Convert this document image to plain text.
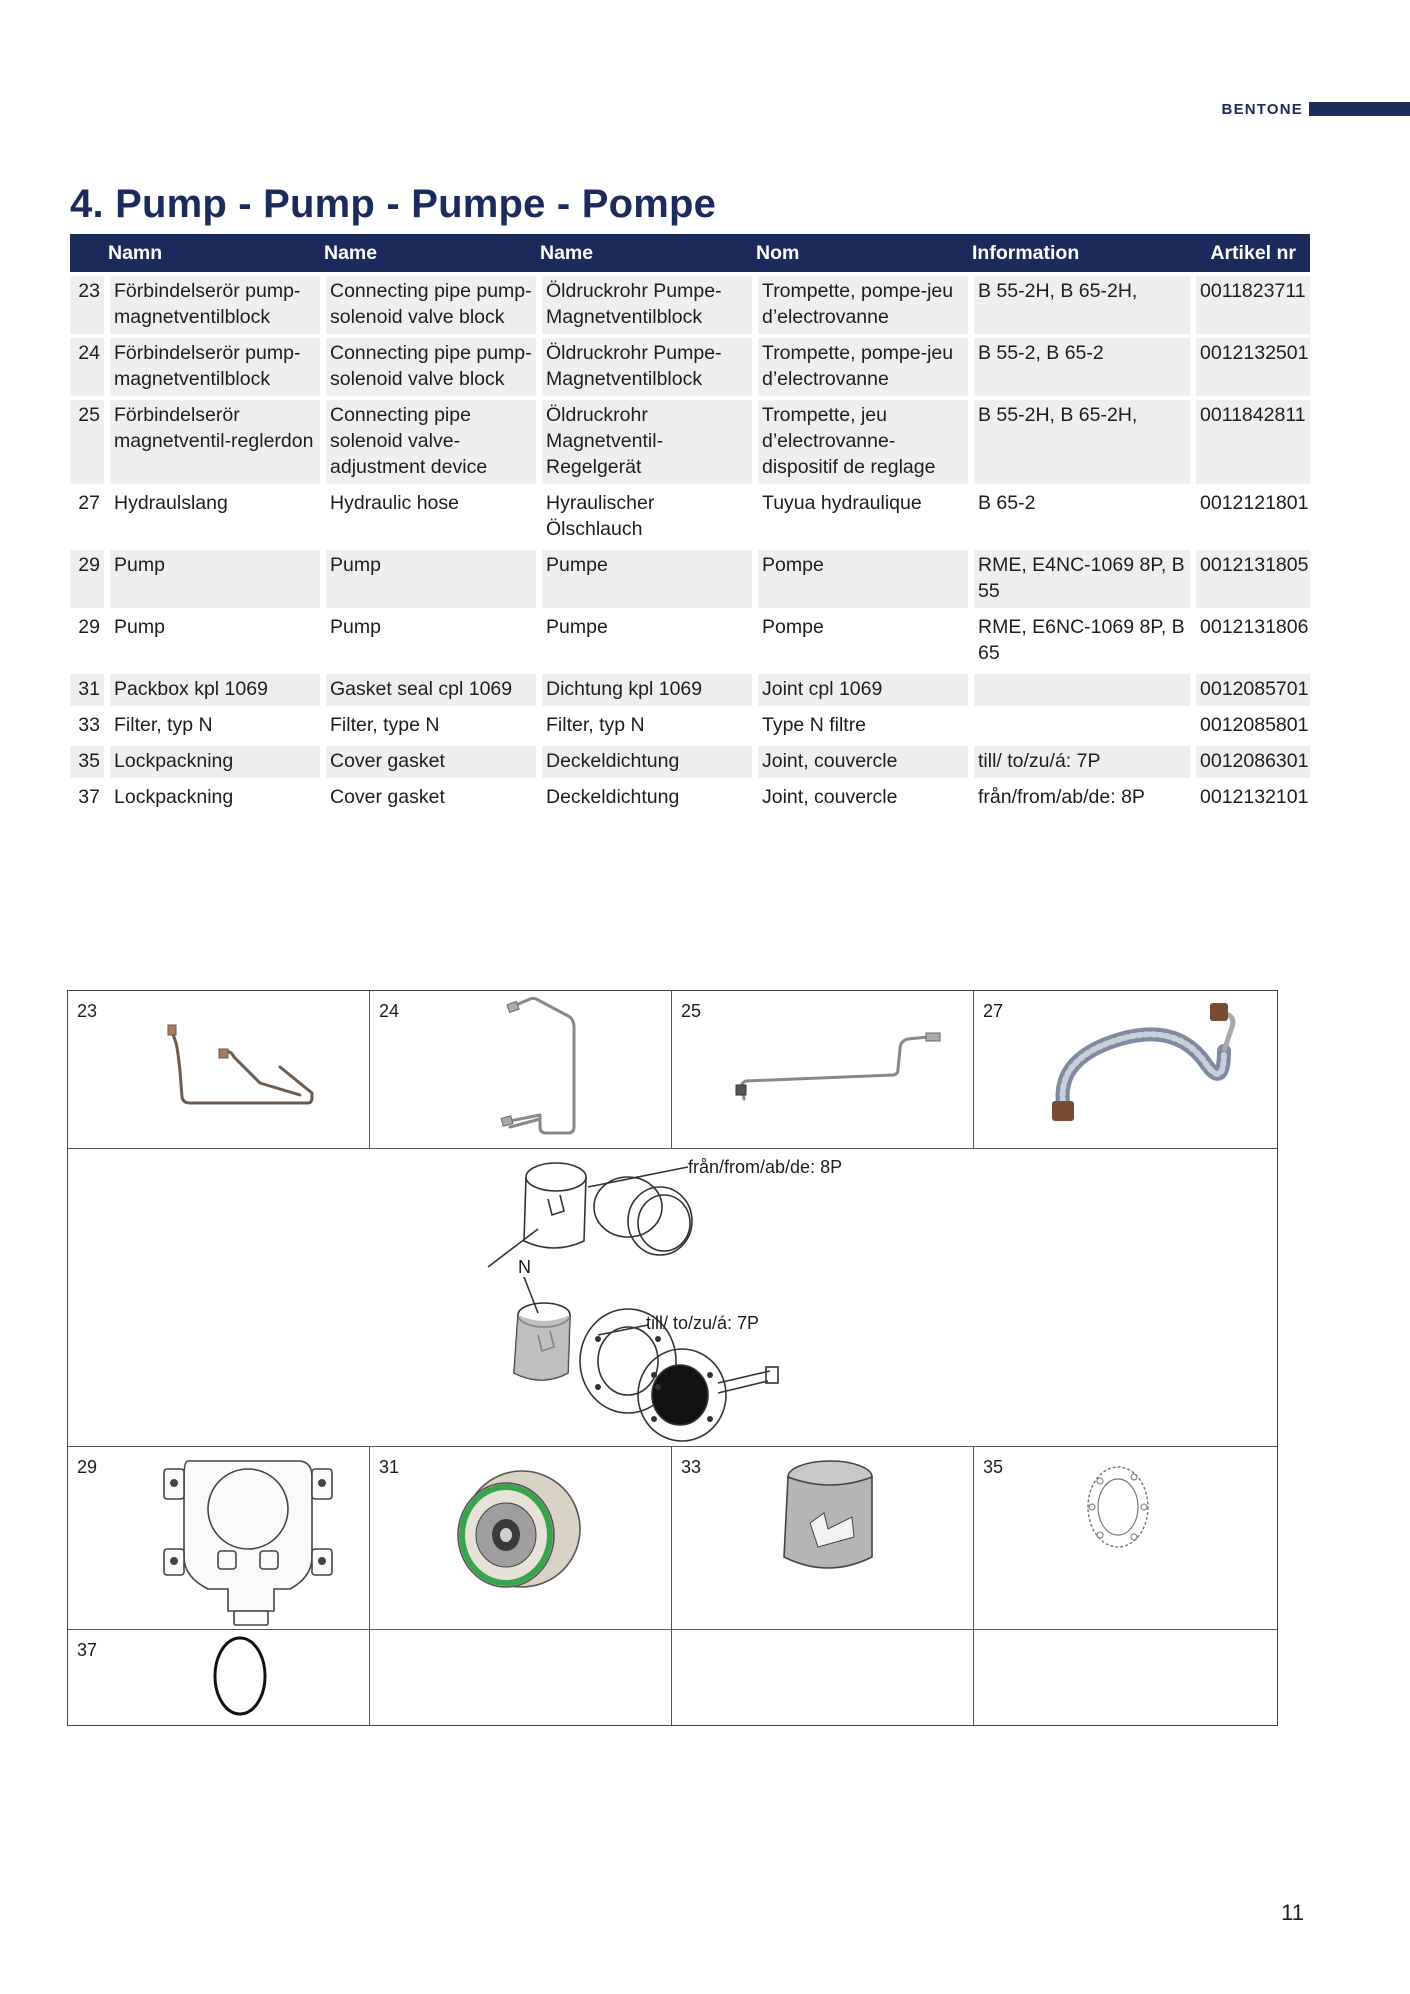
BENTONE
4. Pump - Pump - Pumpe - Pompe
	Namn	Name	Name	Nom	Information	Artikel nr
23	Förbindelserör pump-magnetventilblock	Connecting pipe pump-solenoid valve block	Öldruckrohr Pumpe-Magnetventilblock	Trompette, pompe-jeu d’electrovanne	B 55-2H, B 65-2H,	0011823711
24	Förbindelserör pump-magnetventilblock	Connecting pipe pump-solenoid valve block	Öldruckrohr Pumpe-Magnetventilblock	Trompette, pompe-jeu d’electrovanne	B 55-2, B 65-2	0012132501
25	Förbindelserör magnetventil-reglerdon	Connecting pipe solenoid valve-adjustment device	Öldruckrohr Magnetventil-Regelgerät	Trompette, jeu d’electrovanne-dispositif de reglage	B 55-2H, B 65-2H,	0011842811
27	Hydraulslang	Hydraulic hose	Hyraulischer Ölschlauch	Tuyua hydraulique	B 65-2	0012121801
29	Pump	Pump	Pumpe	Pompe	RME, E4NC-1069 8P, B 55	0012131805
29	Pump	Pump	Pumpe	Pompe	RME, E6NC-1069 8P, B 65	0012131806
31	Packbox kpl 1069	Gasket seal cpl 1069	Dichtung kpl 1069	Joint cpl 1069		0012085701
33	Filter, typ N	Filter, type N	Filter, typ N	Type N filtre		0012085801
35	Lockpackning	Cover gasket	Deckeldichtung	Joint, couvercle	till/ to/zu/á: 7P	0012086301
37	Lockpackning	Cover gasket	Deckeldichtung	Joint, couvercle	från/from/ab/de: 8P	0012132101
23	24	25	27
från/from/ab/de: 8P
N
till/ to/zu/á: 7P
29	31	33	35
37
11
